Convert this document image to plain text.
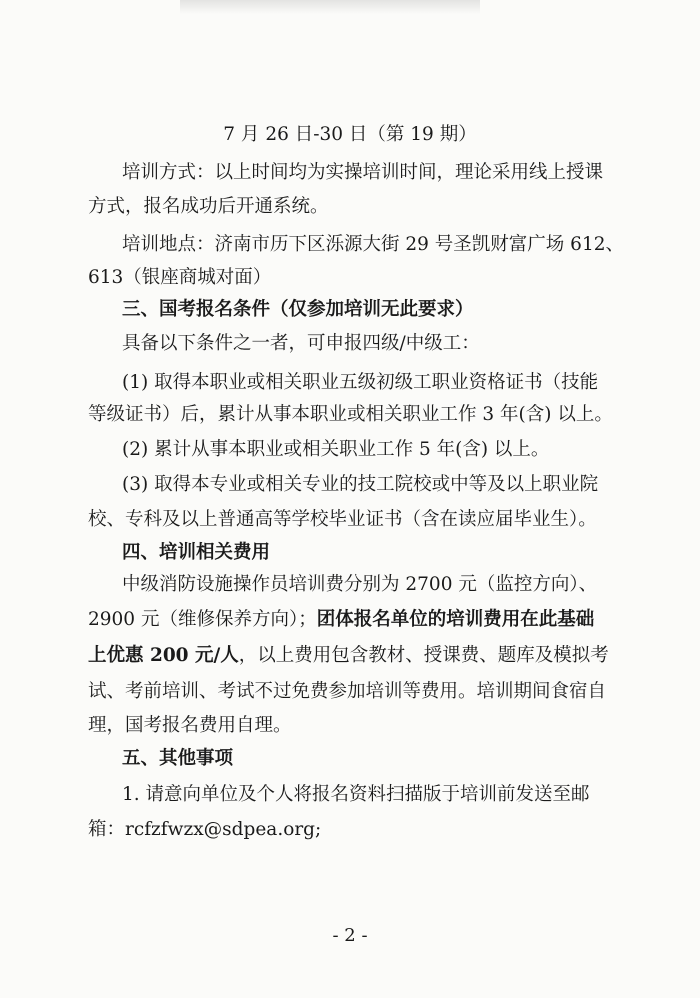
7 月 26 日-30 日（第 19 期）
培训方式：以上时间均为实操培训时间，理论采用线上授课
方式，报名成功后开通系统。
培训地点：济南市历下区泺源大街 29 号圣凯财富广场 612、
613（银座商城对面）
三、国考报名条件（仅参加培训无此要求）
具备以下条件之一者，可申报四级/中级工：
(1) 取得本职业或相关职业五级初级工职业资格证书（技能
等级证书）后，累计从事本职业或相关职业工作 3 年(含) 以上。
(2) 累计从事本职业或相关职业工作 5 年(含) 以上。
(3) 取得本专业或相关专业的技工院校或中等及以上职业院
校、专科及以上普通高等学校毕业证书（含在读应届毕业生）。
四、培训相关费用
中级消防设施操作员培训费分别为 2700 元（监控方向）、
2900 元（维修保养方向）；团体报名单位的培训费用在此基础
上优惠 200 元/人，以上费用包含教材、授课费、题库及模拟考
试、考前培训、考试不过免费参加培训等费用。培训期间食宿自
理，国考报名费用自理。
五、其他事项
1. 请意向单位及个人将报名资料扫描版于培训前发送至邮
箱：rcfzfwzx@sdpea.org;
- 2 -
